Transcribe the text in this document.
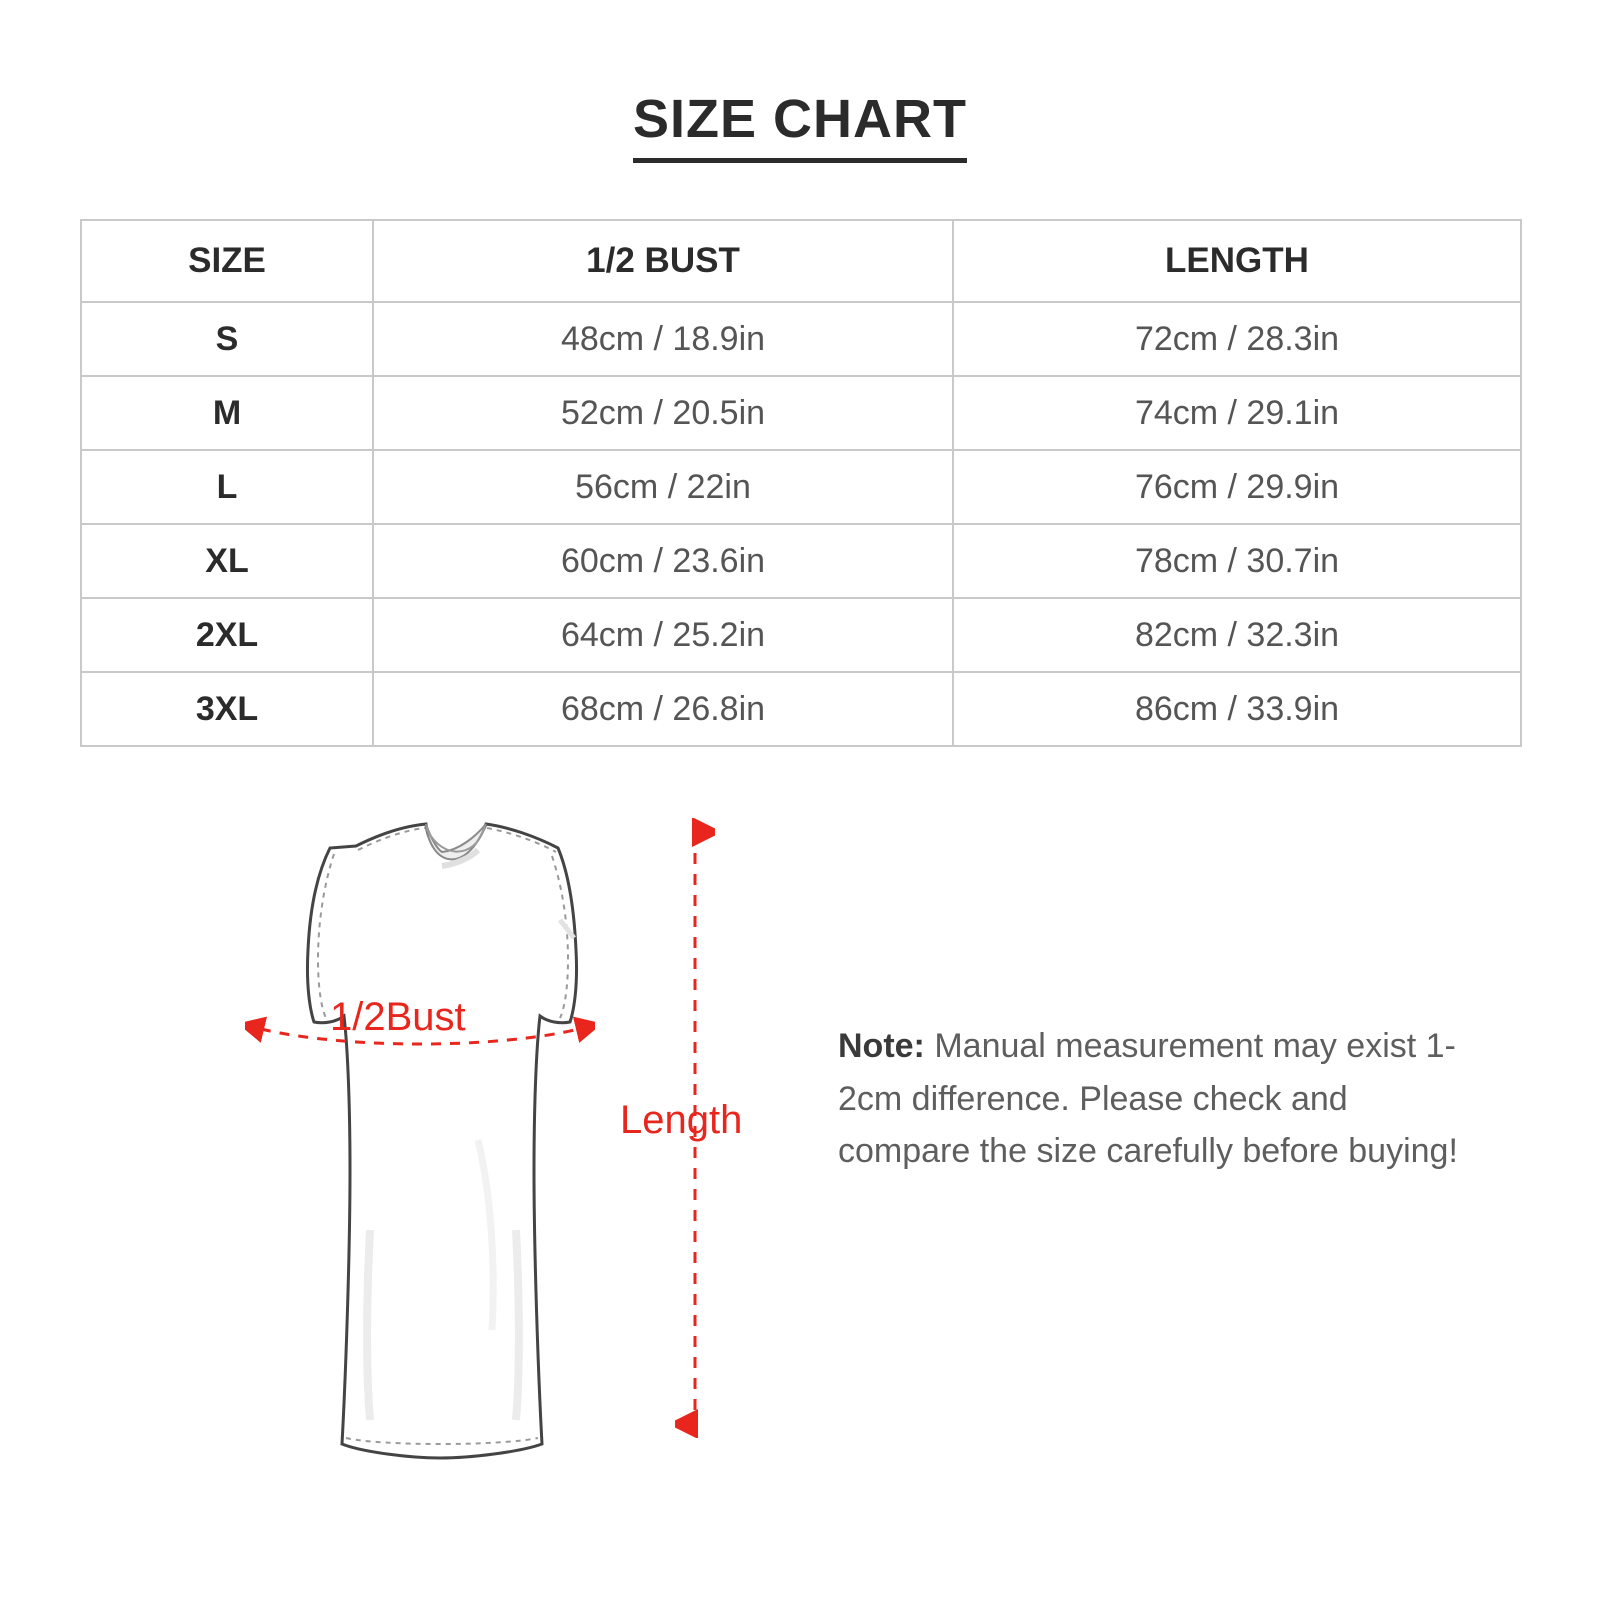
SIZE CHART
SIZE	1/2 BUST	LENGTH
S	48cm / 18.9in	72cm / 28.3in
M	52cm / 20.5in	74cm / 29.1in
L	56cm / 22in	76cm / 29.9in
XL	60cm / 23.6in	78cm / 30.7in
2XL	64cm / 25.2in	82cm / 32.3in
3XL	68cm / 26.8in	86cm / 33.9in
1/2Bust
Length
Note: Manual measurement may exist 1-2cm difference. Please check and compare the size carefully before buying!
